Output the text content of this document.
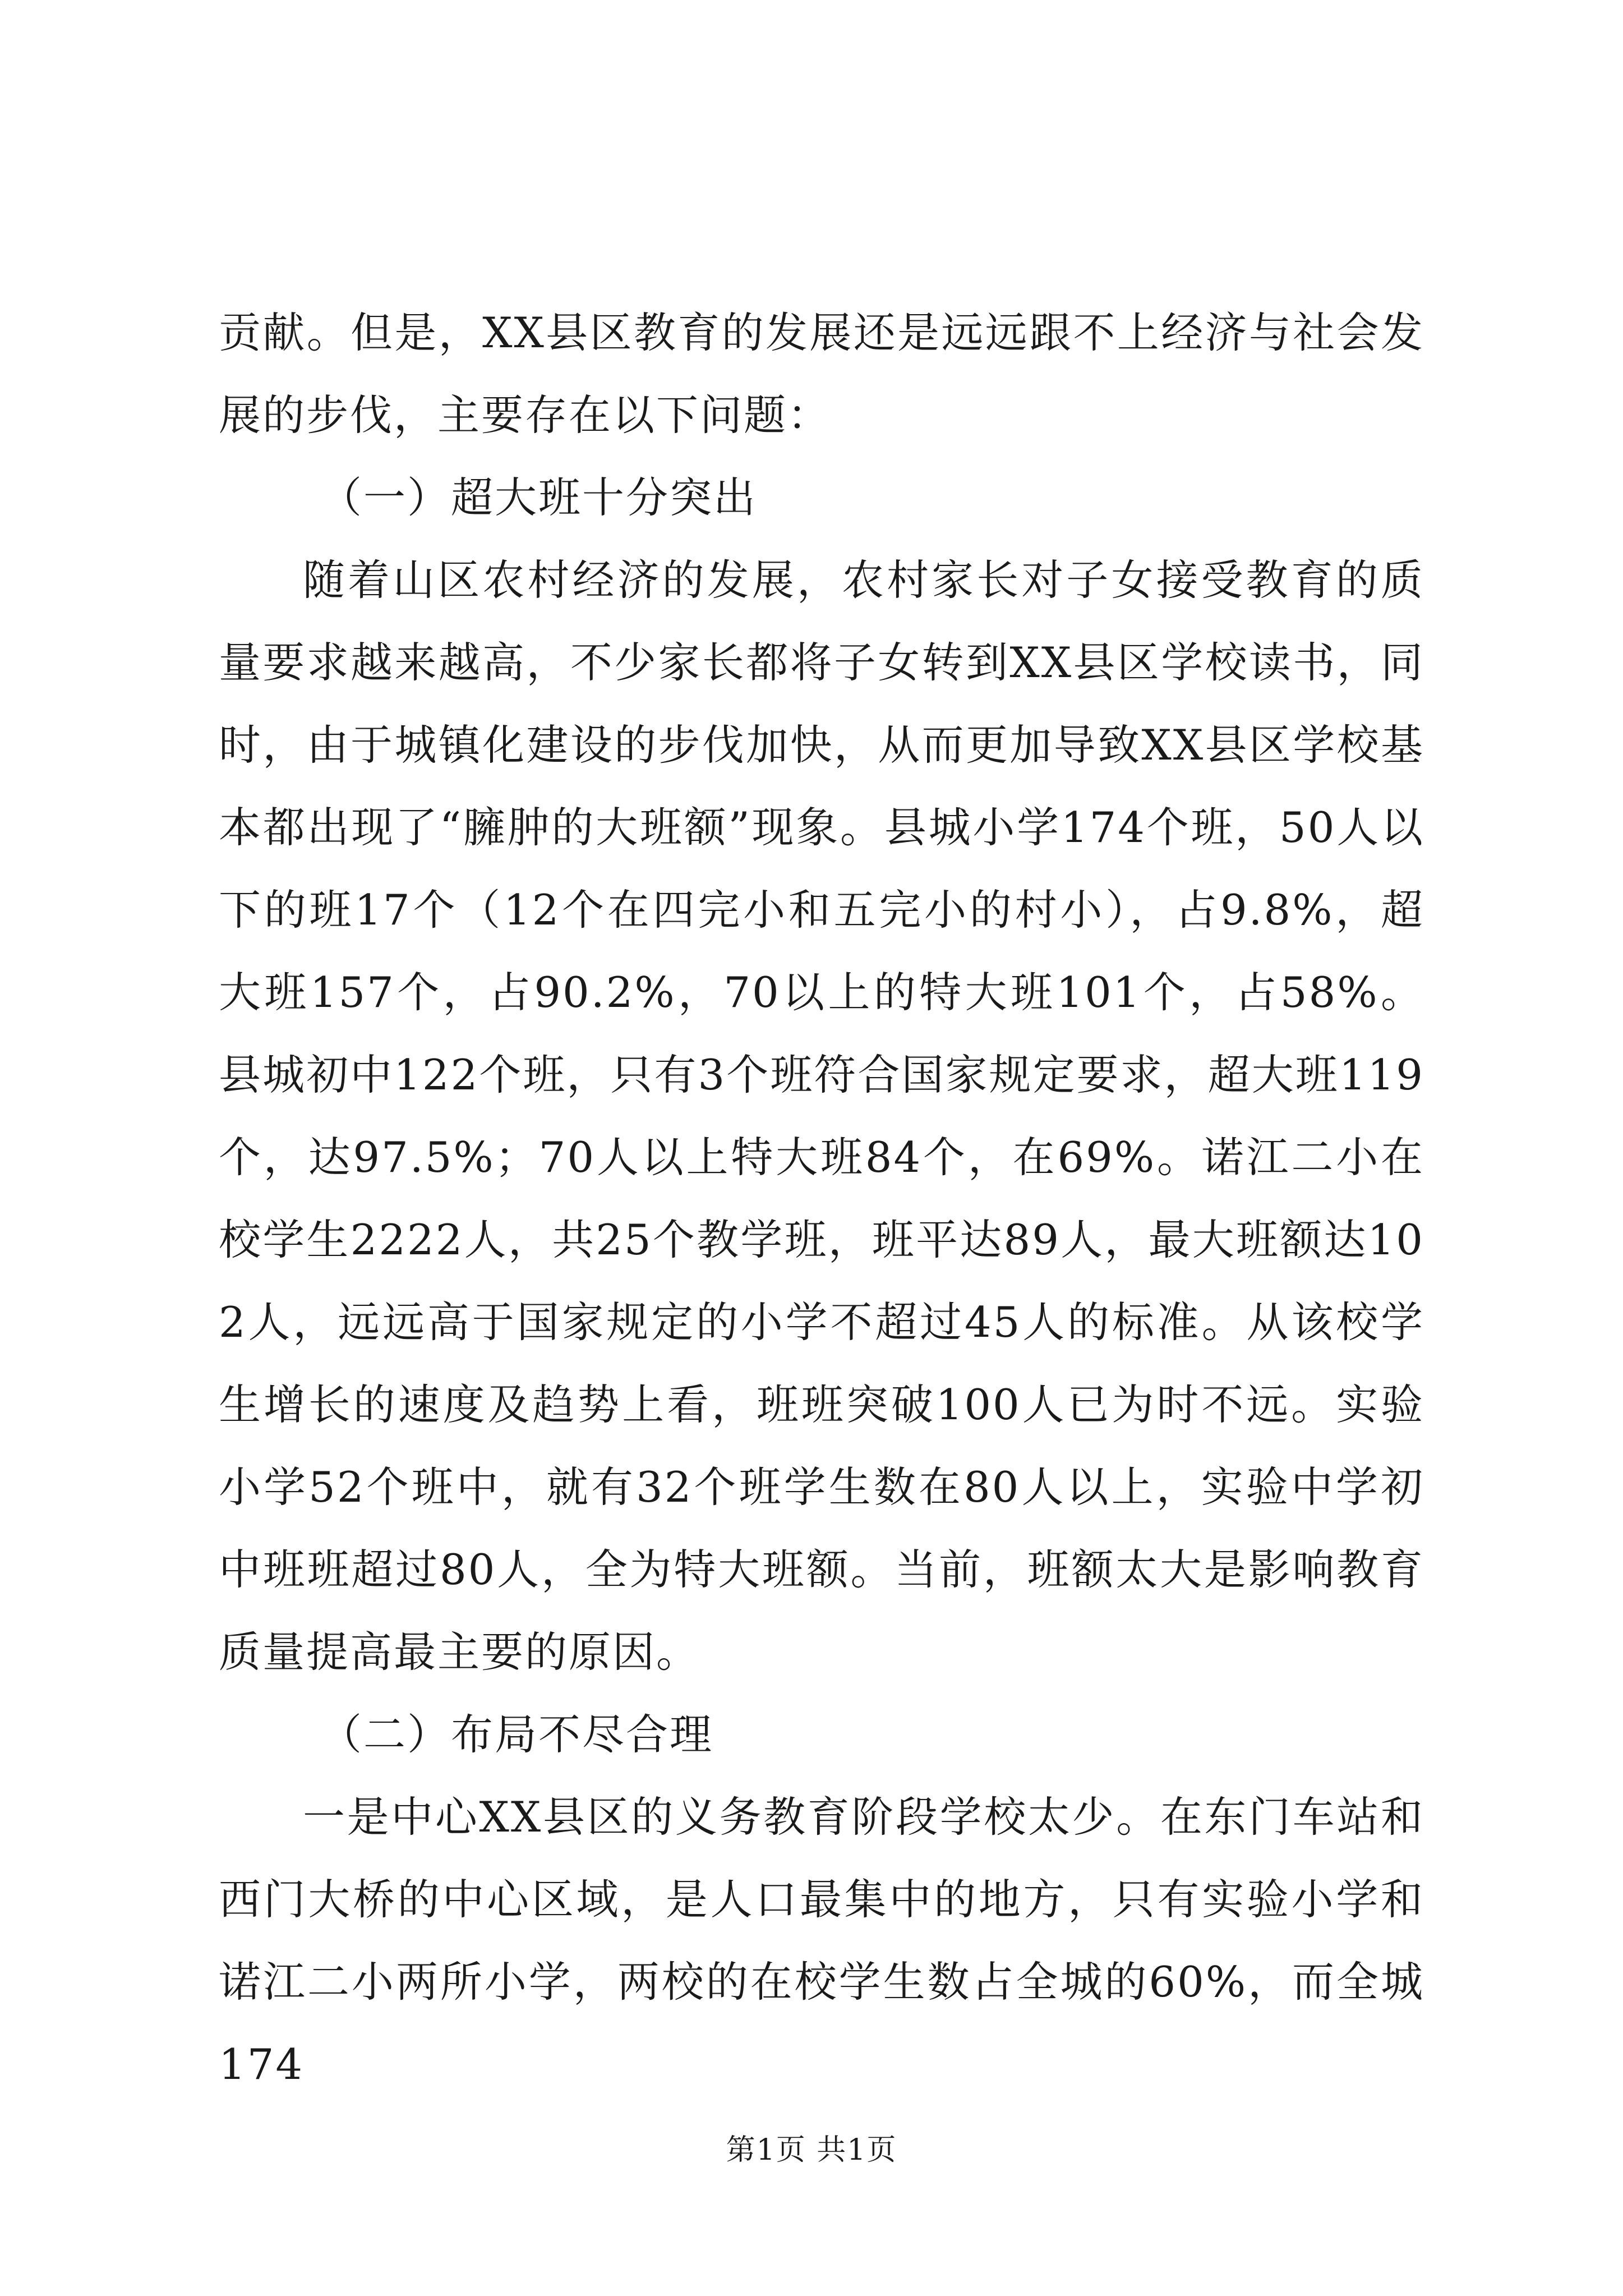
贡献。但是，XX县区教育的发展还是远远跟不上经济与社会发展的步伐，主要存在以下问题：

（一）超大班十分突出

随着山区农村经济的发展，农村家长对子女接受教育的质量要求越来越高，不少家长都将子女转到XX县区学校读书，同时，由于城镇化建设的步伐加快，从而更加导致XX县区学校基本都出现了“臃肿的大班额”现象。县城小学174个班，50人以下的班17个（12个在四完小和五完小的村小），占9.8%，超大班157个，占90.2%，70以上的特大班101个，占58%。县城初中122个班，只有3个班符合国家规定要求，超大班119个，达97.5%；70人以上特大班84个，在69%。诺江二小在校学生2222人，共25个教学班，班平达89人，最大班额达102人，远远高于国家规定的小学不超过45人的标准。从该校学生增长的速度及趋势上看，班班突破100人已为时不远。实验小学52个班中，就有32个班学生数在80人以上，实验中学初中班班超过80人，全为特大班额。当前，班额太大是影响教育质量提高最主要的原因。

（二）布局不尽合理

一是中心XX县区的义务教育阶段学校太少。在东门车站和西门大桥的中心区域，是人口最集中的地方，只有实验小学和诺江二小两所小学，两校的在校学生数占全城的60%，而全城174

第1页 共1页
